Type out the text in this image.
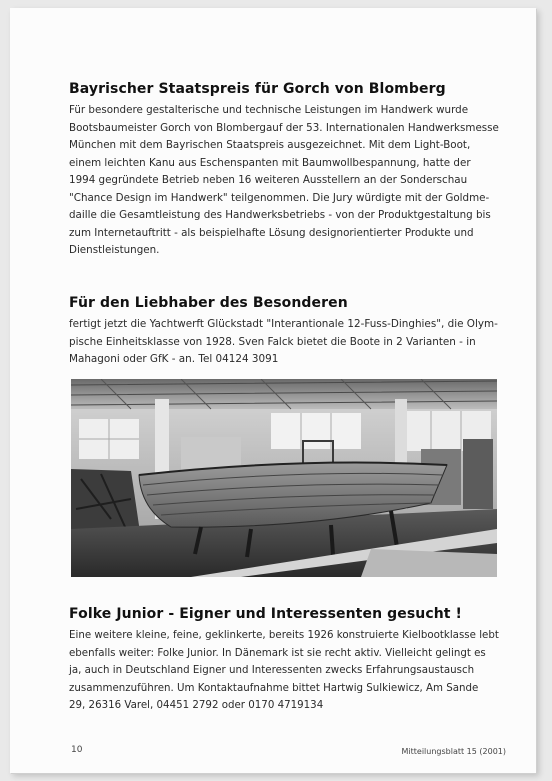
Bayrischer Staatspreis für Gorch von Blomberg
Für besondere gestalterische und technische Leistungen im Handwerk wurde
Bootsbaumeister Gorch von Blombergauf der 53. Internationalen Handwerksmesse
München mit dem Bayrischen Staatspreis ausgezeichnet. Mit dem Light-Boot,
einem leichten Kanu aus Eschenspanten mit Baumwollbespannung, hatte der
1994 gegründete Betrieb neben 16 weiteren Ausstellern an der Sonderschau
"Chance Design im Handwerk" teilgenommen. Die Jury würdigte mit der Goldme-
daille die Gesamtleistung des Handwerksbetriebs - von der Produktgestaltung bis
zum Internetauftritt - als beispielhafte Lösung designorientierter Produkte und
Dienstleistungen.
Für den Liebhaber des Besonderen
fertigt jetzt die Yachtwerft Glückstadt "Interantionale 12-Fuss-Dinghies", die Olym-
pische Einheitsklasse von 1928. Sven Falck bietet die Boote in 2 Varianten - in
Mahagoni oder GfK - an. Tel 04124 3091
Folke Junior - Eigner und Interessenten gesucht !
Eine weitere kleine, feine, geklinkerte, bereits 1926 konstruierte Kielbootklasse lebt
ebenfalls weiter: Folke Junior. In Dänemark ist sie recht aktiv. Vielleicht gelingt es
ja, auch in Deutschland Eigner und Interessenten zwecks Erfahrungsaustausch
zusammenzuführen. Um Kontaktaufnahme bittet Hartwig Sulkiewicz, Am Sande
29, 26316 Varel, 04451 2792 oder 0170 4719134
10	Mitteilungsblatt 15 (2001)
